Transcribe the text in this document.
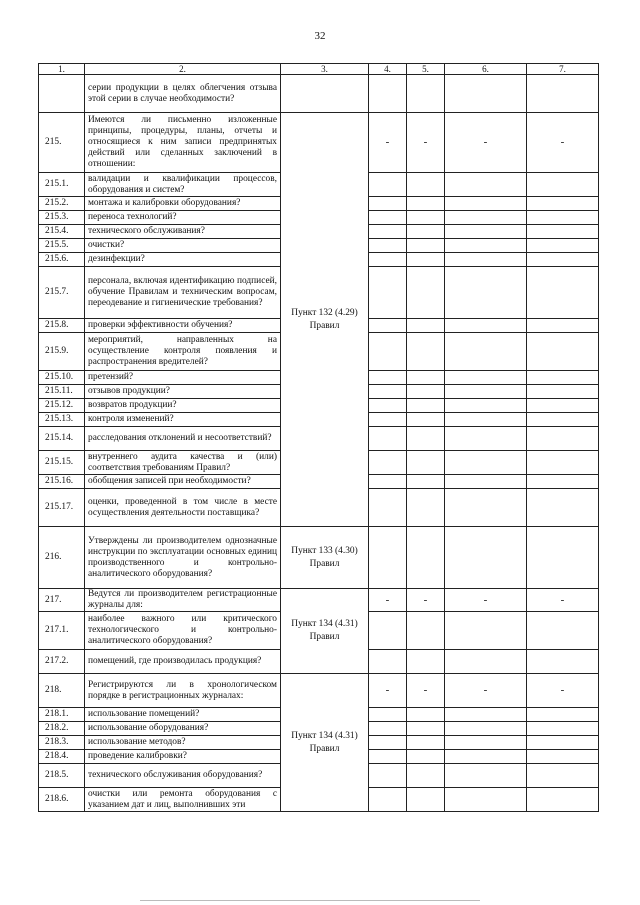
32
1.	2.	3.	4.	5.	6.	7.
	серии продукции в целях облегчения отзыва этой серии в случае необходимости?					
215.	Имеются ли письменно изложенные принципы, процедуры, планы, отчеты и относящиеся к ним записи предпринятых действий или сделанных заключений в отношении:	Пункт 132 (4.29) Правил	-	-	-	-
215.1.	валидации и квалификации процессов, оборудования и систем?					
215.2.	монтажа и калибровки оборудования?					
215.3.	переноса технологий?					
215.4.	технического обслуживания?					
215.5.	очистки?					
215.6.	дезинфекции?					
215.7.	персонала, включая идентификацию подписей, обучение Правилам и техническим вопросам, переодевание и гигиенические требования?					
215.8.	проверки эффективности обучения?					
215.9.	мероприятий, направленных на осуществление контроля появления и распространения вредителей?					
215.10.	претензий?					
215.11.	отзывов продукции?					
215.12.	возвратов продукции?					
215.13.	контроля изменений?					
215.14.	расследования отклонений и несоответствий?					
215.15.	внутреннего аудита качества и (или) соответствия требованиям Правил?					
215.16.	обобщения записей при необходимости?					
215.17.	оценки, проведенной в том числе в месте осуществления деятельности поставщика?					
216.	Утверждены ли производителем однозначные инструкции по эксплуатации основных единиц производственного и контрольно-аналитического оборудования?	Пункт 133 (4.30) Правил				
217.	Ведутся ли производителем регистрационные журналы для:	Пункт 134 (4.31) Правил	-	-	-	-
217.1.	наиболее важного или критического технологического и контрольно-аналитического оборудования?					
217.2.	помещений, где производилась продукция?					
218.	Регистрируются ли в хронологическом порядке в регистрационных журналах:	Пункт 134 (4.31) Правил	-	-	-	-
218.1.	использование помещений?					
218.2.	использование оборудования?					
218.3.	использование методов?					
218.4.	проведение калибровки?					
218.5.	технического обслуживания оборудования?					
218.6.	очистки или ремонта оборудования с указанием дат и лиц, выполнивших эти					
